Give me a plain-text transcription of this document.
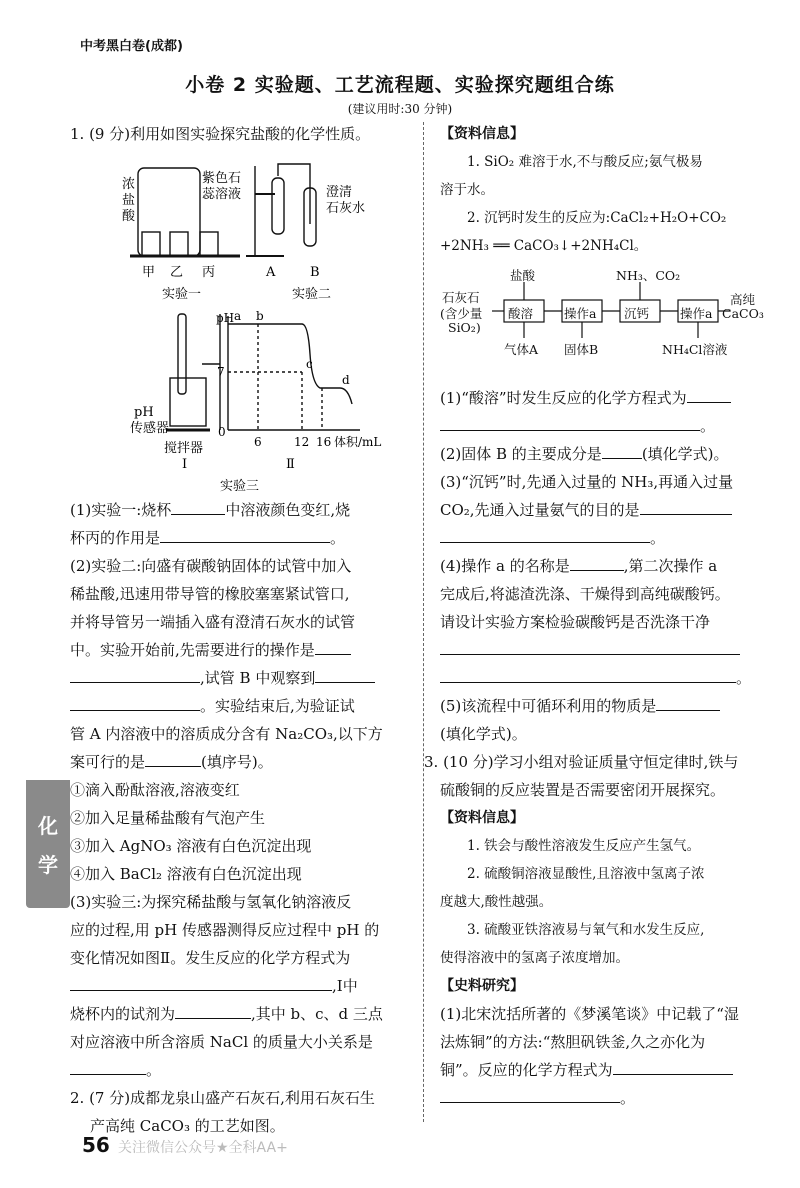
中考黑白卷(成都)
小卷 2 实验题、工艺流程题、实验探究题组合练
(建议用时:30 分钟)

1. (9 分)利用如图实验探究盐酸的化学性质。

浓
盐
酸
紫色石
蕊溶液
甲 乙 丙	A	B
澄清
石灰水
实验一	实验二
pH a b
c
d
7
0
6	12 16 体积/mL
pH
传感器
搅拌器
Ⅰ	Ⅱ
实验三

(1)实验一:烧杯	中溶液颜色变红,烧

杯丙的作用是	。

(2)实验二:向盛有碳酸钠固体的试管中加入

稀盐酸,迅速用带导管的橡胶塞塞紧试管口,

并将导管另一端插入盛有澄清石灰水的试管

中。实验开始前,先需要进行的操作是

,试管 B 中观察到

。实验结束后,为验证试

管 A 内溶液中的溶质成分含有 Na₂CO₃,以下方

案可行的是	(填序号)。

①滴入酚酞溶液,溶液变红

②加入足量稀盐酸有气泡产生

③加入 AgNO₃ 溶液有白色沉淀出现

④加入 BaCl₂ 溶液有白色沉淀出现

(3)实验三:为探究稀盐酸与氢氧化钠溶液反

应的过程,用 pH 传感器测得反应过程中 pH 的

变化情况如图Ⅱ。发生反应的化学方程式为

,Ⅰ中

烧杯内的试剂为	,其中 b、c、d 三点

对应溶液中所含溶质 NaCl 的质量大小关系是

。

2. (7 分)成都龙泉山盛产石灰石,利用石灰石生

产高纯 CaCO₃ 的工艺如图。

【资料信息】

1. SiO₂ 难溶于水,不与酸反应;氨气极易

溶于水。

2. 沉钙时发生的反应为:CaCl₂+H₂O+CO₂

+2NH₃ ══ CaCO₃↓+2NH₄Cl。

盐酸	NH₃、CO₂
石灰石
(含少量
SiO₂)
酸溶 操作a 沉钙 操作a
高纯
CaCO₃
气体A 固体B	NH₄Cl溶液

(1)“酸溶”时发生反应的化学方程式为

。

(2)固体 B 的主要成分是	(填化学式)。

(3)“沉钙”时,先通入过量的 NH₃,再通入过量

CO₂,先通入过量氨气的目的是

。

(4)操作 a 的名称是	,第二次操作 a

完成后,将滤渣洗涤、干燥得到高纯碳酸钙。

请设计实验方案检验碳酸钙是否洗涤干净

。

(5)该流程中可循环利用的物质是

(填化学式)。

3. (10 分)学习小组对验证质量守恒定律时,铁与

硫酸铜的反应装置是否需要密闭开展探究。

【资料信息】

1. 铁会与酸性溶液发生反应产生氢气。

2. 硫酸铜溶液显酸性,且溶液中氢离子浓

度越大,酸性越强。

3. 硫酸亚铁溶液易与氧气和水发生反应,

使得溶液中的氢离子浓度增加。

【史料研究】

(1)北宋沈括所著的《梦溪笔谈》中记载了“湿

法炼铜”的方法:“熬胆矾铁釜,久之亦化为

铜”。反应的化学方程式为

。

化
学
56 关注微信公众号★全科AA+
